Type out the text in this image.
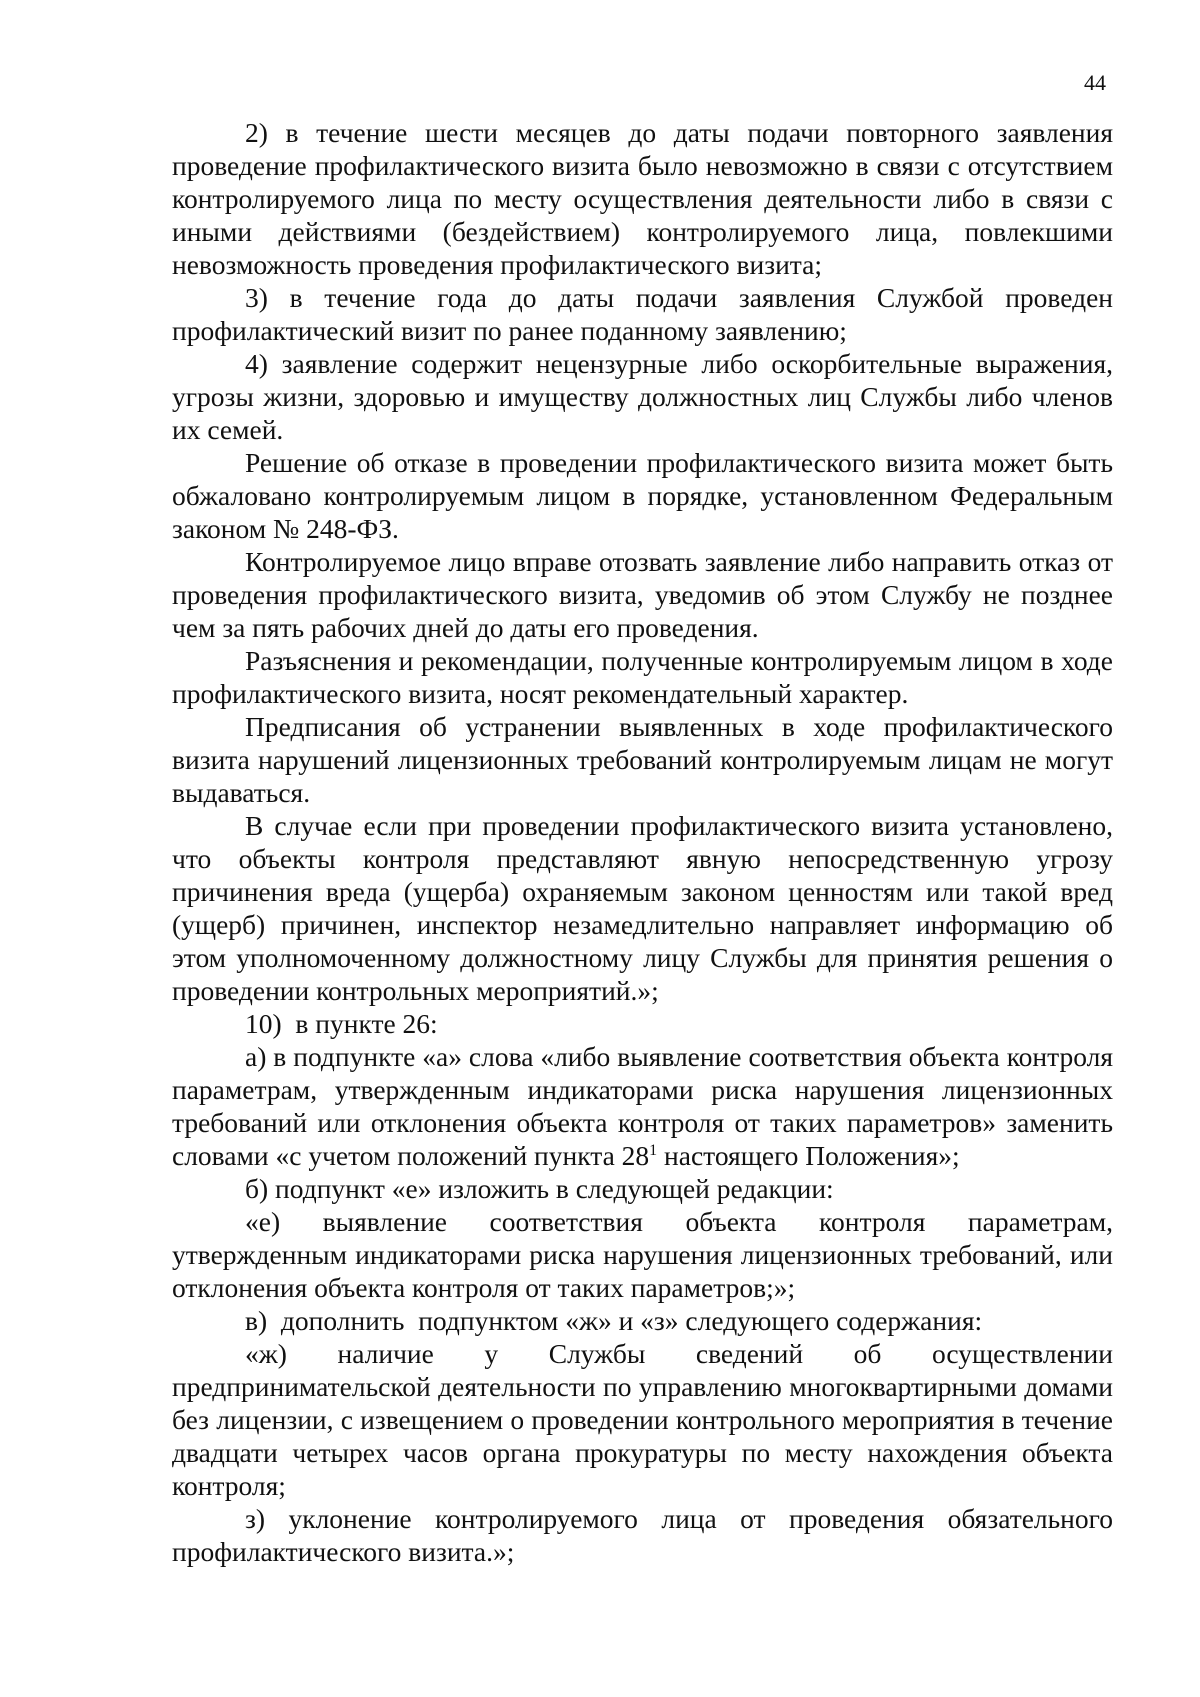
44

2) в течение шести месяцев до даты подачи повторного заявления проведение профилактического визита было невозможно в связи с отсутствием контролируемого лица по месту осуществления деятельности либо в связи с иными действиями (бездействием) контролируемого лица, повлекшими невозможность проведения профилактического визита;

3) в течение года до даты подачи заявления Службой проведен профилактический визит по ранее поданному заявлению;

4) заявление содержит нецензурные либо оскорбительные выражения, угрозы жизни, здоровью и имуществу должностных лиц Службы либо членов их семей.

Решение об отказе в проведении профилактического визита может быть обжаловано контролируемым лицом в порядке, установленном Федеральным законом № 248-ФЗ.

Контролируемое лицо вправе отозвать заявление либо направить отказ от проведения профилактического визита, уведомив об этом Службу не позднее чем за пять рабочих дней до даты его проведения.

Разъяснения и рекомендации, полученные контролируемым лицом в ходе профилактического визита, носят рекомендательный характер.

Предписания об устранении выявленных в ходе профилактического визита нарушений лицензионных требований контролируемым лицам не могут выдаваться.

В случае если при проведении профилактического визита установлено, что объекты контроля представляют явную непосредственную угрозу причинения вреда (ущерба) охраняемым законом ценностям или такой вред (ущерб) причинен, инспектор незамедлительно направляет информацию об этом уполномоченному должностному лицу Службы для принятия решения о проведении контрольных мероприятий.»;

10)  в пункте 26:

а) в подпункте «а» слова «либо выявление соответствия объекта контроля параметрам, утвержденным индикаторами риска нарушения лицензионных требований или отклонения объекта контроля от таких параметров» заменить словами «с учетом положений пункта $28^1$ настоящего Положения»;

б) подпункт «е» изложить в следующей редакции:

«е) выявление соответствия объекта контроля параметрам, утвержденным индикаторами риска нарушения лицензионных требований, или отклонения объекта контроля от таких параметров;»;

в)  дополнить  подпунктом «ж» и «з» следующего содержания:

«ж) наличие у Службы сведений об осуществлении предпринимательской деятельности по управлению многоквартирными домами без лицензии, с извещением о проведении контрольного мероприятия в течение двадцати четырех часов органа прокуратуры по месту нахождения объекта контроля;

з) уклонение контролируемого лица от проведения обязательного профилактического визита.»;
